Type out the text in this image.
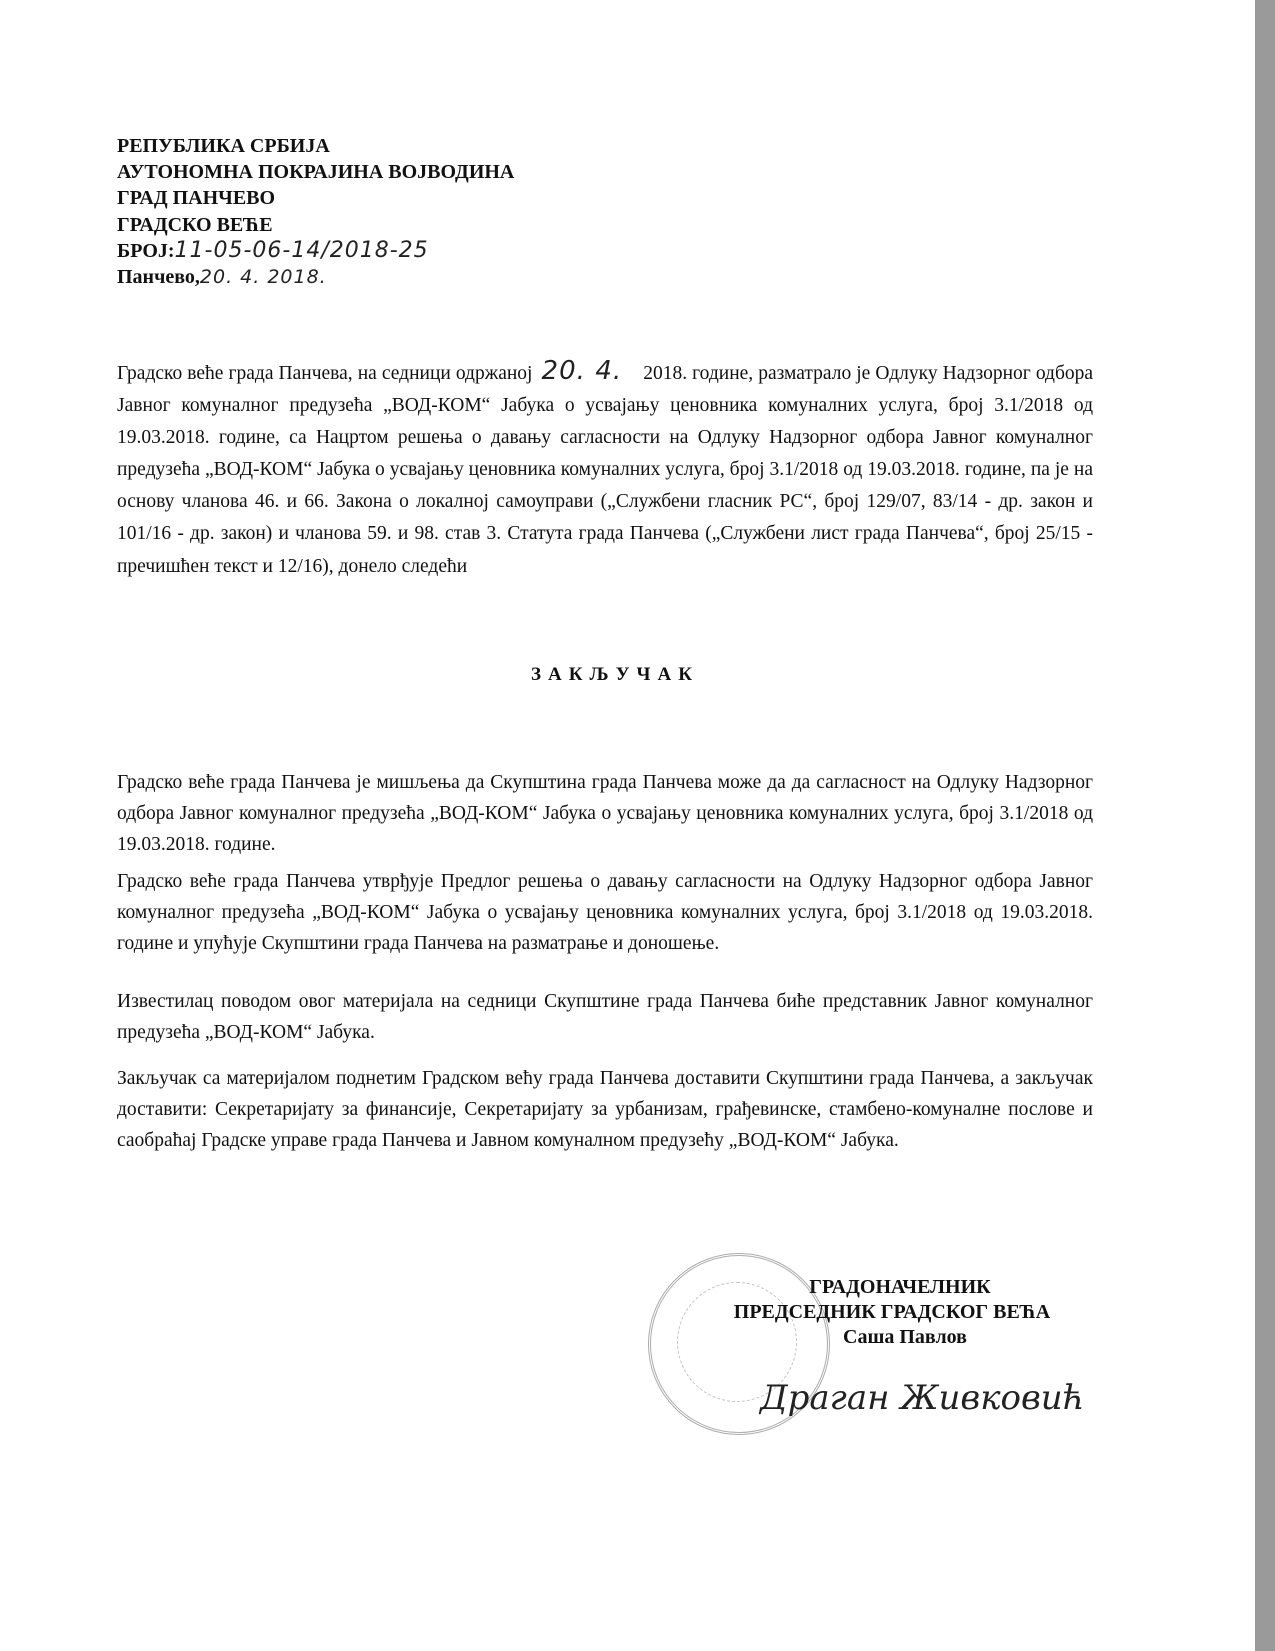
РЕПУБЛИКА СРБИЈА
АУТОНОМНА ПОКРАЈИНА ВОЈВОДИНА
ГРАД ПАНЧЕВО
ГРАДСКО ВЕЋЕ
БРОЈ:11-05-06-14/2018-25
Панчево,20. 4. 2018.
Градско веће града Панчева, на седници одржаној 20. 4. 2018. године, разматрало је Одлуку Надзорног одбора Јавног комуналног предузећа „ВОД-КОМ“ Јабука о усвајању ценовника комуналних услуга, број 3.1/2018 од 19.03.2018. године, са Нацртом решења о давању сагласности на Одлуку Надзорног одбора Јавног комуналног предузећа „ВОД-КОМ“ Јабука о усвајању ценовника комуналних услуга, број 3.1/2018 од 19.03.2018. године, па је на основу чланова 46. и 66. Закона о локалној самоуправи („Службени гласник РС“, број 129/07, 83/14 - др. закон и 101/16 - др. закон) и чланова 59. и 98. став 3. Статута града Панчева („Службени лист града Панчева“, број 25/15 - пречишћен текст и 12/16), донело следећи
ЗАКЉУЧАК
Градско веће града Панчева је мишљења да Скупштина града Панчева може да да сагласност на Одлуку Надзорног одбора Јавног комуналног предузећа „ВОД-КОМ“ Јабука о усвајању ценовника комуналних услуга, број 3.1/2018 од 19.03.2018. године.
Градско веће града Панчева утврђује Предлог решења о давању сагласности на Одлуку Надзорног одбора Јавног комуналног предузећа „ВОД-КОМ“ Јабука о усвајању ценовника комуналних услуга, број 3.1/2018 од 19.03.2018. године и упућује Скупштини града Панчева на разматрање и доношење.
Известилац поводом овог материјала на седници Скупштине града Панчева биће представник Јавног комуналног предузећа „ВОД-КОМ“ Јабука.
Закључак са материјалом поднетим Градском већу града Панчева доставити Скупштини града Панчева, а закључак доставити: Секретаријату за финансије, Секретаријату за урбанизам, грађевинске, стамбено-комуналне послове и саобраћај Градске управе града Панчева и Јавном комуналном предузећу „ВОД-КОМ“ Јабука.
ГРАДОНАЧЕЛНИК
ПРЕДСЕДНИК ГРАДСКОГ ВЕЋА
Саша Павлов
Драган Живковић
